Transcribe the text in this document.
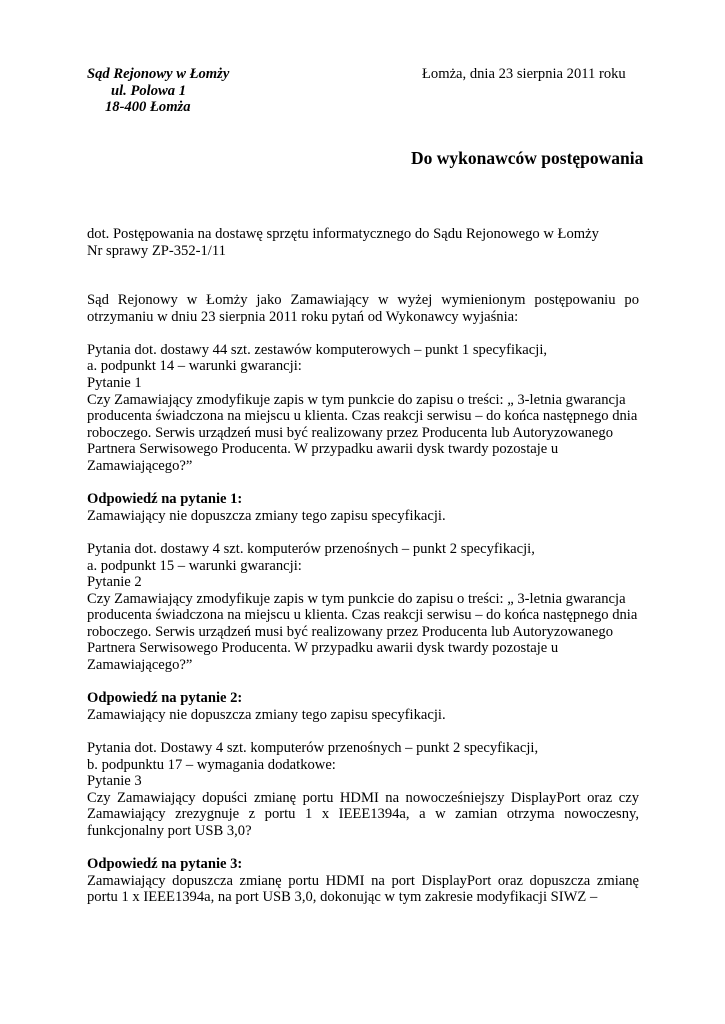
Sąd Rejonowy w Łomży
ul. Polowa 1
18-400 Łomża
Łomża, dnia 23 sierpnia 2011 roku
Do wykonawców postępowania
dot. Postępowania na dostawę sprzętu informatycznego do Sądu Rejonowego w Łomży
Nr sprawy ZP-352-1/11

Sąd Rejonowy w Łomży jako Zamawiający w wyżej wymienionym postępowaniu po otrzymaniu w dniu 23 sierpnia 2011 roku pytań od Wykonawcy wyjaśnia:

Pytania dot. dostawy 44 szt. zestawów komputerowych – punkt 1 specyfikacji,

a. podpunkt 14 – warunki gwarancji:

Pytanie 1

Czy Zamawiający zmodyfikuje zapis w tym punkcie do zapisu o treści: „ 3-letnia gwarancja producenta świadczona na miejscu u klienta. Czas reakcji serwisu – do końca następnego dnia roboczego. Serwis urządzeń musi być realizowany przez Producenta lub Autoryzowanego Partnera Serwisowego Producenta. W przypadku awarii dysk twardy pozostaje u Zamawiającego?”

Odpowiedź na pytanie 1:

Zamawiający nie dopuszcza zmiany tego zapisu specyfikacji.

Pytania dot. dostawy 4 szt. komputerów przenośnych – punkt 2 specyfikacji,

a. podpunkt 15 – warunki gwarancji:

Pytanie 2

Czy Zamawiający zmodyfikuje zapis w tym punkcie do zapisu o treści: „ 3-letnia gwarancja producenta świadczona na miejscu u klienta. Czas reakcji serwisu – do końca następnego dnia roboczego. Serwis urządzeń musi być realizowany przez Producenta lub Autoryzowanego Partnera Serwisowego Producenta. W przypadku awarii dysk twardy pozostaje u Zamawiającego?”

Odpowiedź na pytanie 2:

Zamawiający nie dopuszcza zmiany tego zapisu specyfikacji.

Pytania dot. Dostawy 4 szt. komputerów przenośnych – punkt 2 specyfikacji,

b. podpunktu 17 – wymagania dodatkowe:

Pytanie 3

Czy Zamawiający dopuści zmianę portu HDMI na nowocześniejszy DisplayPort oraz czy Zamawiający zrezygnuje z portu 1 x IEEE1394a, a w zamian otrzyma nowoczesny, funkcjonalny port USB 3,0?

Odpowiedź na pytanie 3:

Zamawiający dopuszcza zmianę portu HDMI na port DisplayPort oraz dopuszcza zmianę portu 1 x IEEE1394a, na port USB 3,0, dokonując w tym zakresie modyfikacji SIWZ –
